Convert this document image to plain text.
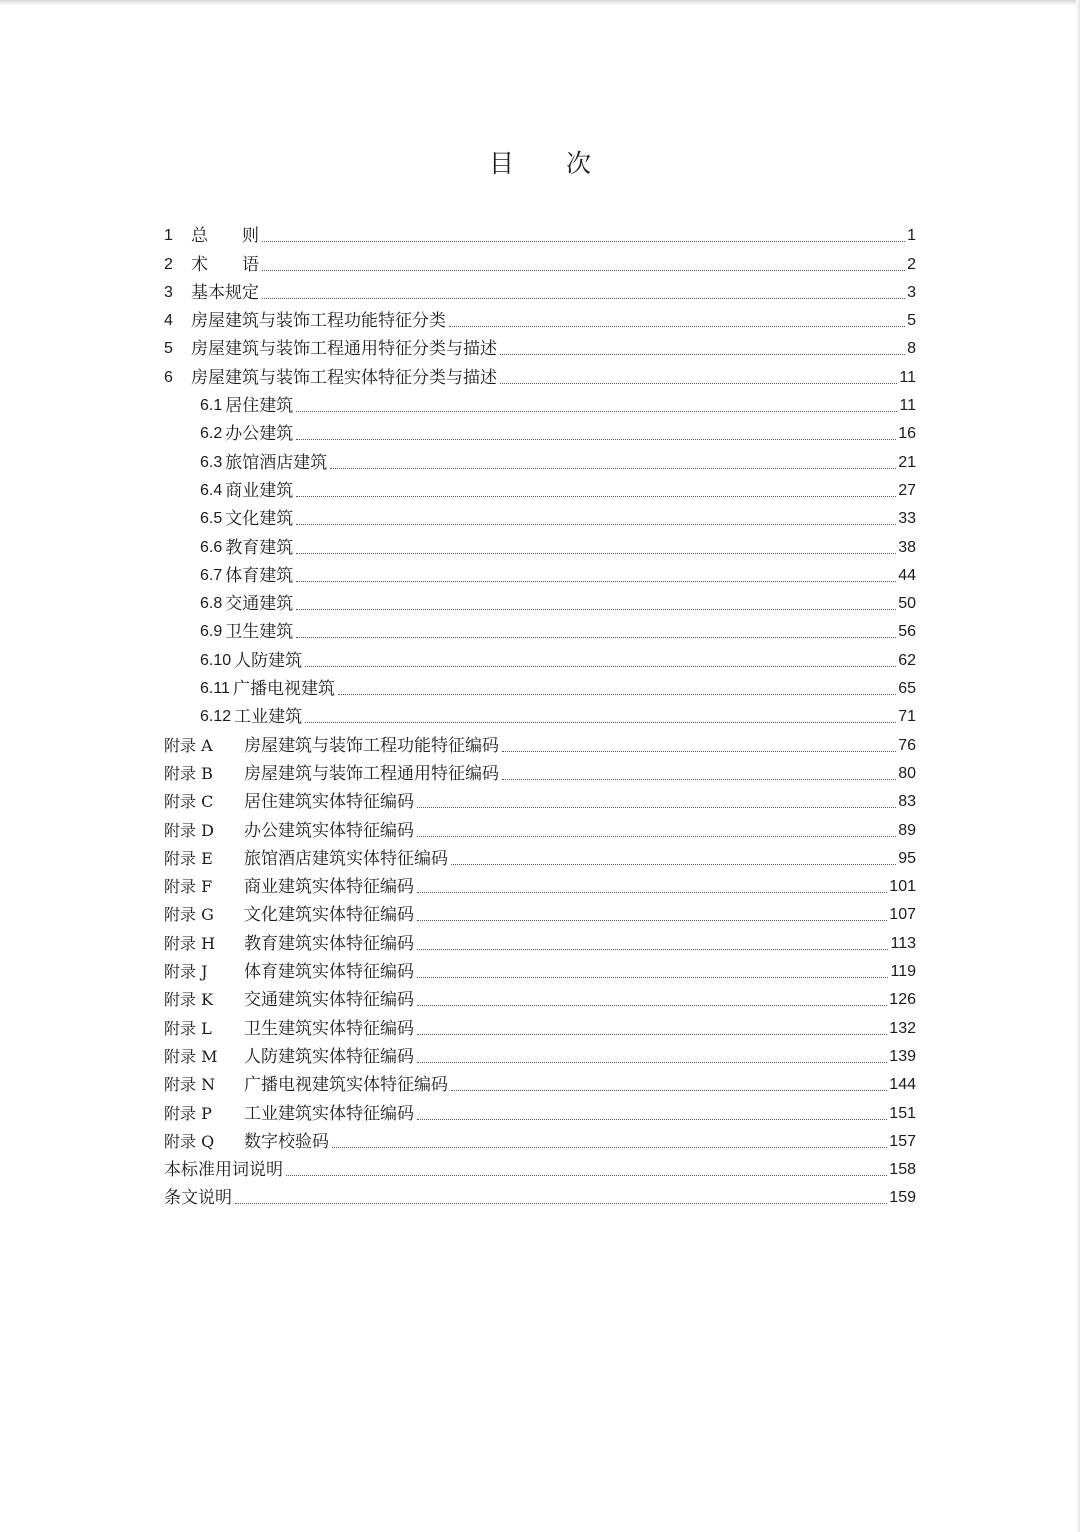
目 次
1	总　　则	1
2	术　　语	2
3	基本规定	3
4	房屋建筑与装饰工程功能特征分类	5
5	房屋建筑与装饰工程通用特征分类与描述	8
6	房屋建筑与装饰工程实体特征分类与描述	11
6.1 居住建筑	11
6.2 办公建筑	16
6.3 旅馆酒店建筑	21
6.4 商业建筑	27
6.5 文化建筑	33
6.6 教育建筑	38
6.7 体育建筑	44
6.8 交通建筑	50
6.9 卫生建筑	56
6.10 人防建筑	62
6.11 广播电视建筑	65
6.12 工业建筑	71
附录 A	房屋建筑与装饰工程功能特征编码	76
附录 B	房屋建筑与装饰工程通用特征编码	80
附录 C	居住建筑实体特征编码	83
附录 D	办公建筑实体特征编码	89
附录 E	旅馆酒店建筑实体特征编码	95
附录 F	商业建筑实体特征编码	101
附录 G	文化建筑实体特征编码	107
附录 H	教育建筑实体特征编码	113
附录 J	体育建筑实体特征编码	119
附录 K	交通建筑实体特征编码	126
附录 L	卫生建筑实体特征编码	132
附录 M	人防建筑实体特征编码	139
附录 N	广播电视建筑实体特征编码	144
附录 P	工业建筑实体特征编码	151
附录 Q	数字校验码	157
本标准用词说明	158
条文说明	159
